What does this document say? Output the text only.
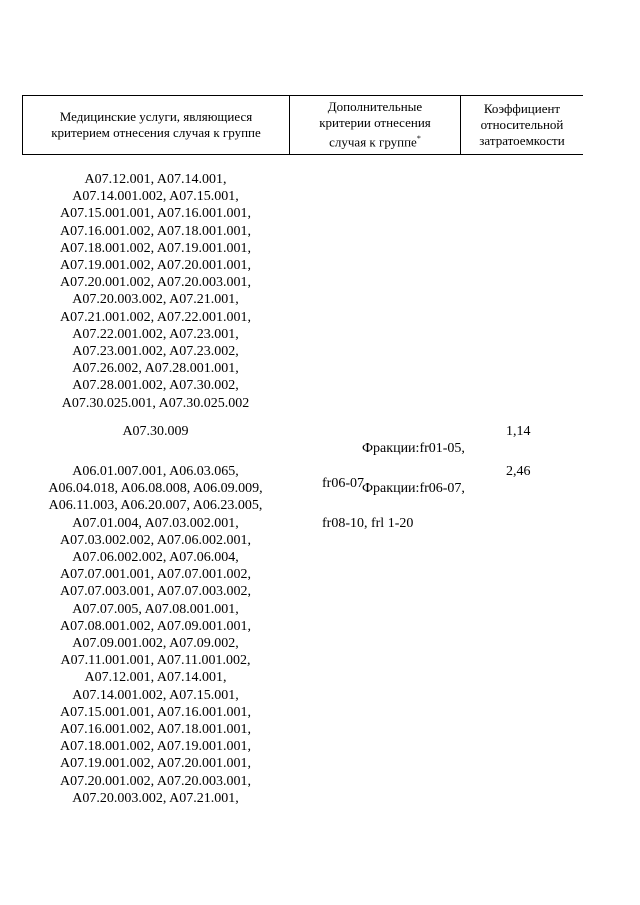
Медицинские услуги, являющиеся
критерием отнесения случая к группе
Дополнительные
критерии отнесения
случая к группе*
Коэффициент
относительной
затратоемкости
A07.12.001, A07.14.001,
A07.14.001.002, A07.15.001,
A07.15.001.001, A07.16.001.001,
A07.16.001.002, A07.18.001.001,
A07.18.001.002, A07.19.001.001,
A07.19.001.002, A07.20.001.001,
A07.20.001.002, A07.20.003.001,
A07.20.003.002, A07.21.001,
A07.21.001.002, A07.22.001.001,
A07.22.001.002, A07.23.001,
A07.23.001.002, A07.23.002,
A07.26.002, A07.28.001.001,
A07.28.001.002, A07.30.002,
A07.30.025.001, A07.30.025.002
A07.30.009

Фракции:fr01-05,

fr06-07

1,14
A06.01.007.001, A06.03.065,
A06.04.018, A06.08.008, A06.09.009,
A06.11.003, A06.20.007, A06.23.005,
A07.01.004, A07.03.002.001,
A07.03.002.002, A07.06.002.001,
A07.06.002.002, A07.06.004,
A07.07.001.001, A07.07.001.002,
A07.07.003.001, A07.07.003.002,
A07.07.005, A07.08.001.001,
A07.08.001.002, A07.09.001.001,
A07.09.001.002, A07.09.002,
A07.11.001.001, A07.11.001.002,
A07.12.001, A07.14.001,
A07.14.001.002, A07.15.001,
A07.15.001.001, A07.16.001.001,
A07.16.001.002, A07.18.001.001,
A07.18.001.002, A07.19.001.001,
A07.19.001.002, A07.20.001.001,
A07.20.001.002, A07.20.003.001,
A07.20.003.002, A07.21.001,

Фракции:fr06-07,

fr08-10, frl 1-20

2,46
